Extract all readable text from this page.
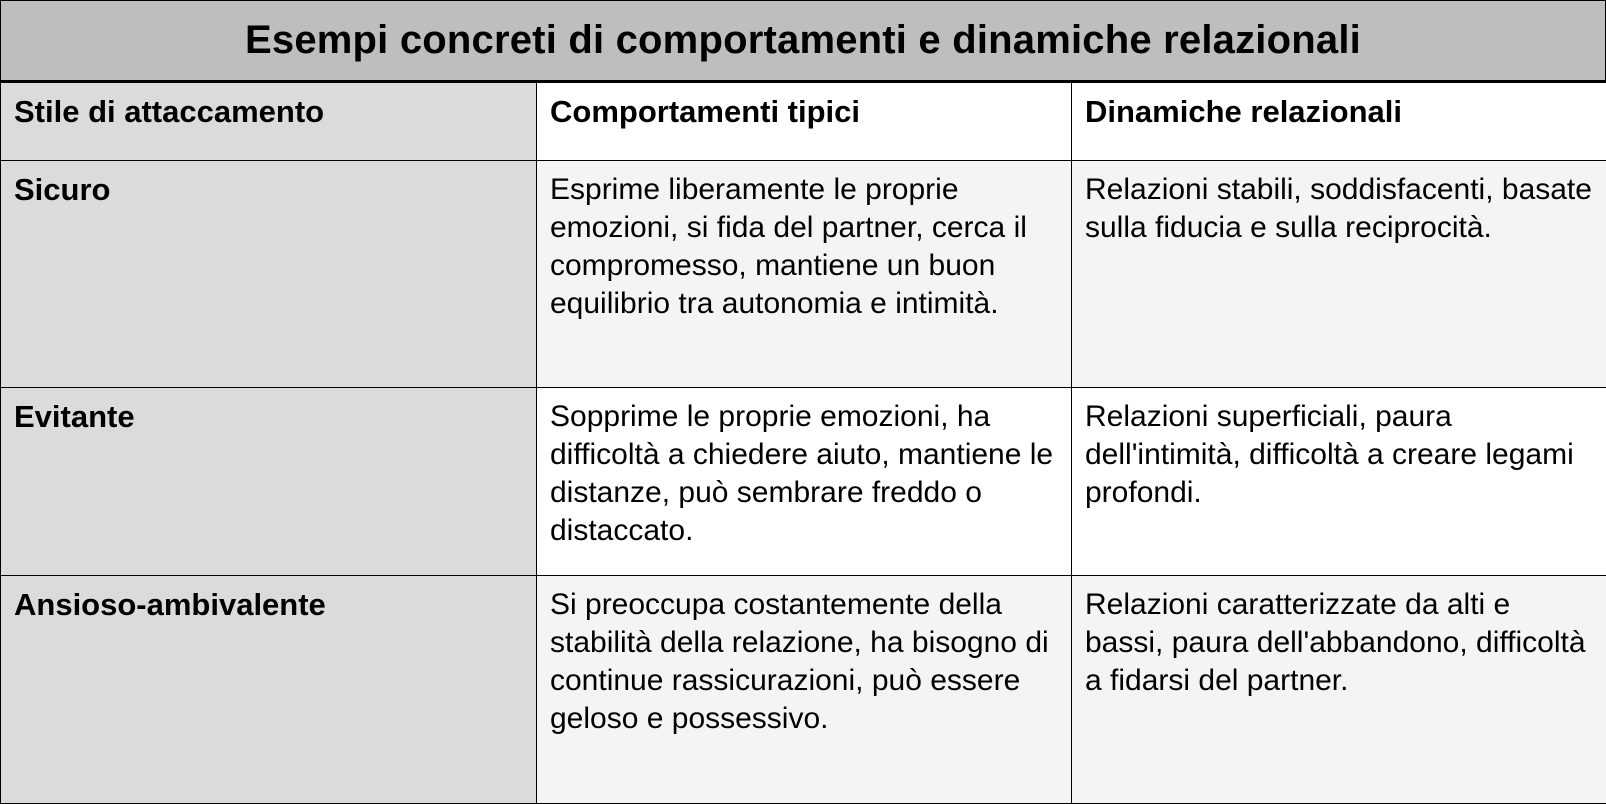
Esempi concreti di comportamenti e dinamiche relazionali
Stile di attaccamento	Comportamenti tipici	Dinamiche relazionali
Sicuro	Esprime liberamente le proprie emozioni, si fida del partner, cerca il compromesso, mantiene un buon equilibrio tra autonomia e intimità.	Relazioni stabili, soddisfacenti, basate sulla fiducia e sulla reciprocità.
Evitante	Sopprime le proprie emozioni, ha difficoltà a chiedere aiuto, mantiene le distanze, può sembrare freddo o distaccato.	Relazioni superficiali, paura dell'intimità, difficoltà a creare legami profondi.
Ansioso-ambivalente	Si preoccupa costantemente della stabilità della relazione, ha bisogno di continue rassicurazioni, può essere geloso e possessivo.	Relazioni caratterizzate da alti e bassi, paura dell'abbandono, difficoltà a fidarsi del partner.
